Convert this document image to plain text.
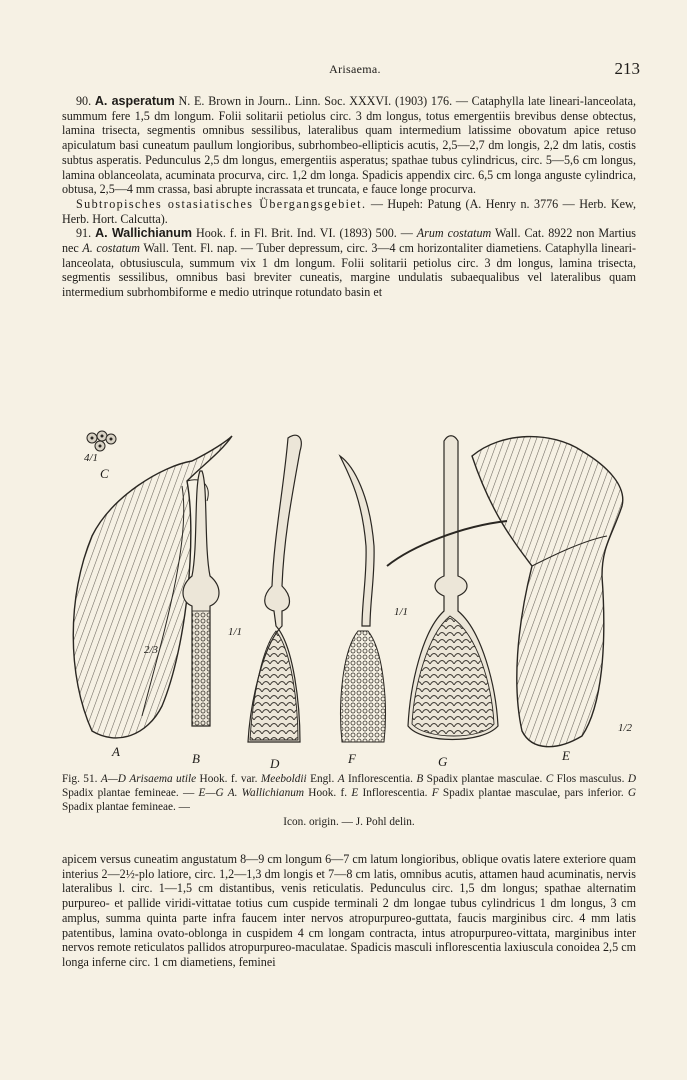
Arisaema.	213

90. A. asperatum N. E. Brown in Journ.. Linn. Soc. XXXVI. (1903) 176. — Cataphylla late lineari-lanceolata, summum fere 1,5 dm longum. Folii solitarii petiolus circ. 3 dm longus, totus emergentiis brevibus dense obtectus, lamina trisecta, segmentis omnibus sessilibus, lateralibus quam intermedium latissime obovatum apice retuso apiculatum basi cuneatum paullum longioribus, subrhombeo-ellipticis acutis, 2,5—2,7 dm longis, 2,2 dm latis, costis subtus asperatis. Pedunculus 2,5 dm longus, emergentiis asperatus; spathae tubus cylindricus, circ. 5—5,6 cm longus, lamina oblanceolata, acuminata procurva, circ. 1,2 dm longa. Spadicis appendix circ. 6,5 cm longa anguste cylindrica, obtusa, 2,5—4 mm crassa, basi abrupte incrassata et truncata, e fauce longe procurva.

Subtropisches ostasiatisches Übergangsgebiet. — Hupeh: Patung (A. Henry n. 3776 — Herb. Kew, Herb. Hort. Calcutta).

91. A. Wallichianum Hook. f. in Fl. Brit. Ind. VI. (1893) 500. — Arum costatum Wall. Cat. 8922 non Martius nec A. costatum Wall. Tent. Fl. nap. — Tuber depressum, circ. 3—4 cm horizontaliter diametiens. Cataphylla lineari-lanceolata, obtusiuscula, summum vix 1 dm longum. Folii solitarii petiolus circ. 3 dm longus, lamina trisecta, segmentis sessilibus, omnibus basi breviter cuneatis, margine undulatis subaequalibus vel lateralibus quam intermedium subrhombiforme e medio utrinque rotundato basin et

C
4/1
2/3
1/1
1/1
1/2
A	B	D	F	G	E

Fig. 51. A—D Arisaema utile Hook. f. var. Meeboldii Engl. A Inflorescentia. B Spadix plantae masculae. C Flos masculus. D Spadix plantae femineae. — E—G A. Wallichianum Hook. f. E Inflorescentia. F Spadix plantae masculae, pars inferior. G Spadix plantae femineae. —

Icon. origin. — J. Pohl delin.

apicem versus cuneatim angustatum 8—9 cm longum 6—7 cm latum longioribus, oblique ovatis latere exteriore quam interius 2—2½-plo latiore, circ. 1,2—1,3 dm longis et 7—8 cm latis, omnibus acutis, attamen haud acuminatis, nervis lateralibus l. circ. 1—1,5 cm distantibus, venis reticulatis. Pedunculus circ. 1,5 dm longus; spathae alternatim purpureo- et pallide viridi-vittatae totius cum cuspide terminali 2 dm longae tubus cylindricus 1 dm longus, 3 cm amplus, summa quinta parte infra faucem inter nervos atropurpureo-guttata, faucis marginibus circ. 4 mm latis patentibus, lamina ovato-oblonga in cuspidem 4 cm longam contracta, intus atropurpureo-vittata, marginibus inter nervos remote reticulatos pallidos atropurpureo-maculatae. Spadicis masculi inflorescentia laxiuscula conoidea 2,5 cm longa inferne circ. 1 cm diametiens, feminei
